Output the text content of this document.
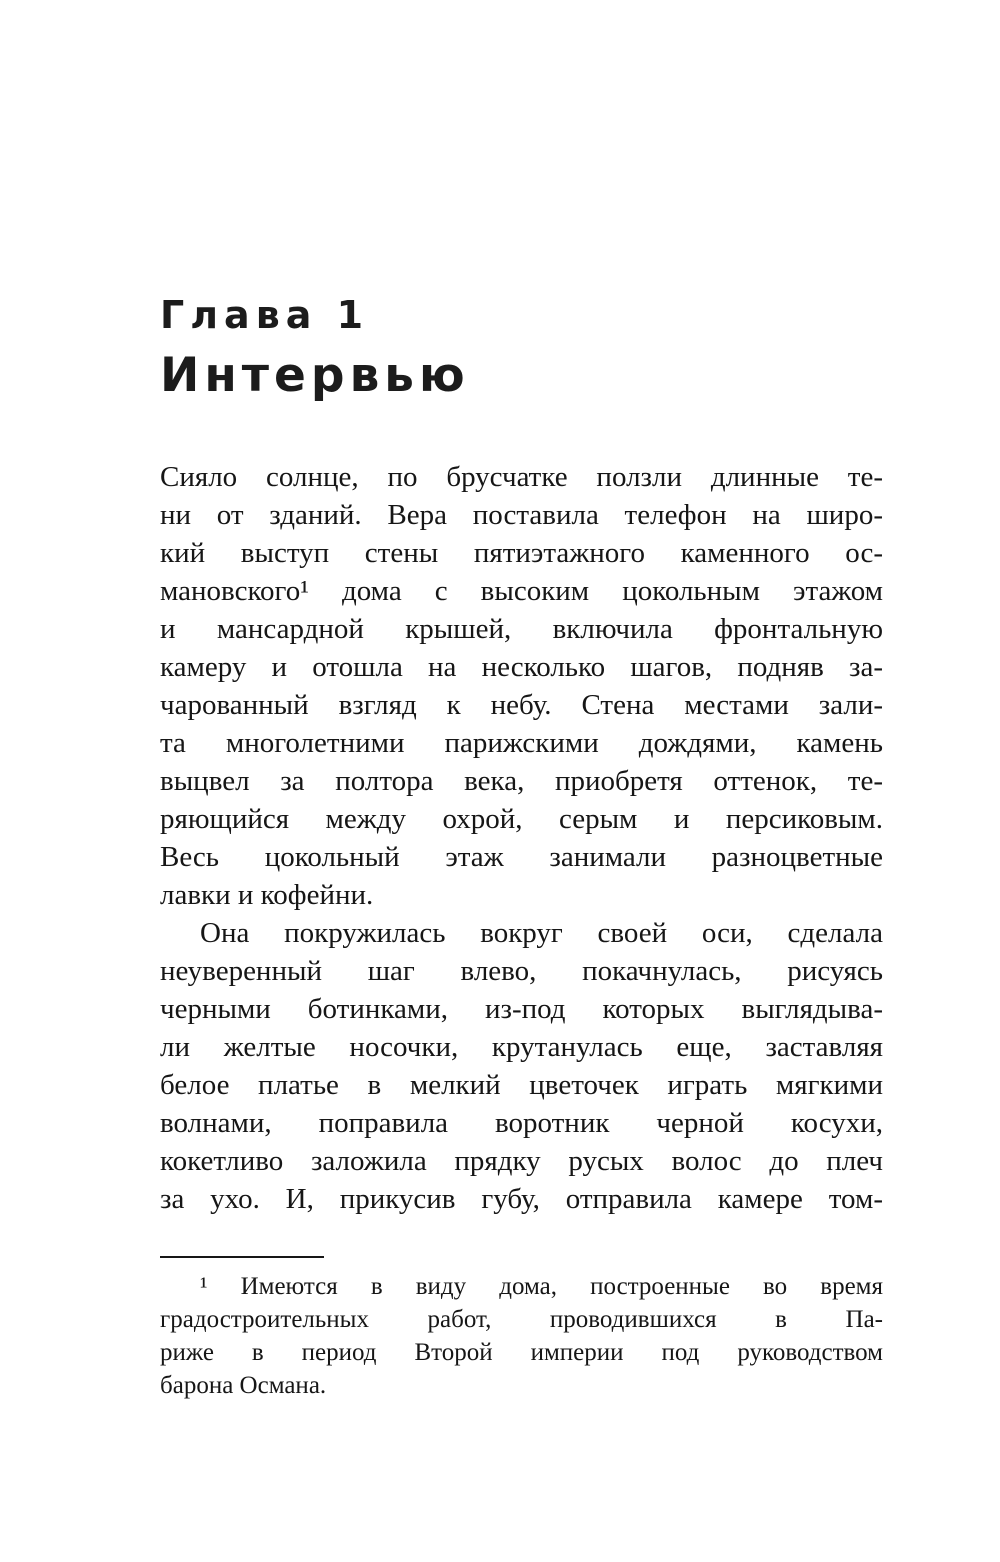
Глава 1
Интервью
Сияло солнце, по брусчатке ползли длинные те-
ни от зданий. Вера поставила телефон на широ-
кий выступ стены пятиэтажного каменного ос-
мановского¹ дома с высоким цокольным этажом
и мансардной крышей, включила фронтальную
камеру и отошла на несколько шагов, подняв за-
чарованный взгляд к небу. Стена местами зали-
та многолетними парижскими дождями, камень
выцвел за полтора века, приобретя оттенок, те-
ряющийся между охрой, серым и персиковым.
Весь цокольный этаж занимали разноцветные
лавки и кофейни.
Она покружилась вокруг своей оси, сделала
неуверенный шаг влево, покачнулась, рисуясь
черными ботинками, из-под которых выглядыва-
ли желтые носочки, крутанулась еще, заставляя
белое платье в мелкий цветочек играть мягкими
волнами, поправила воротник черной косухи,
кокетливо заложила прядку русых волос до плеч
за ухо. И, прикусив губу, отправила камере том-
¹ Имеются в виду дома, построенные во время
градостроительных работ, проводившихся в Па-
риже в период Второй империи под руководством
барона Османа.
